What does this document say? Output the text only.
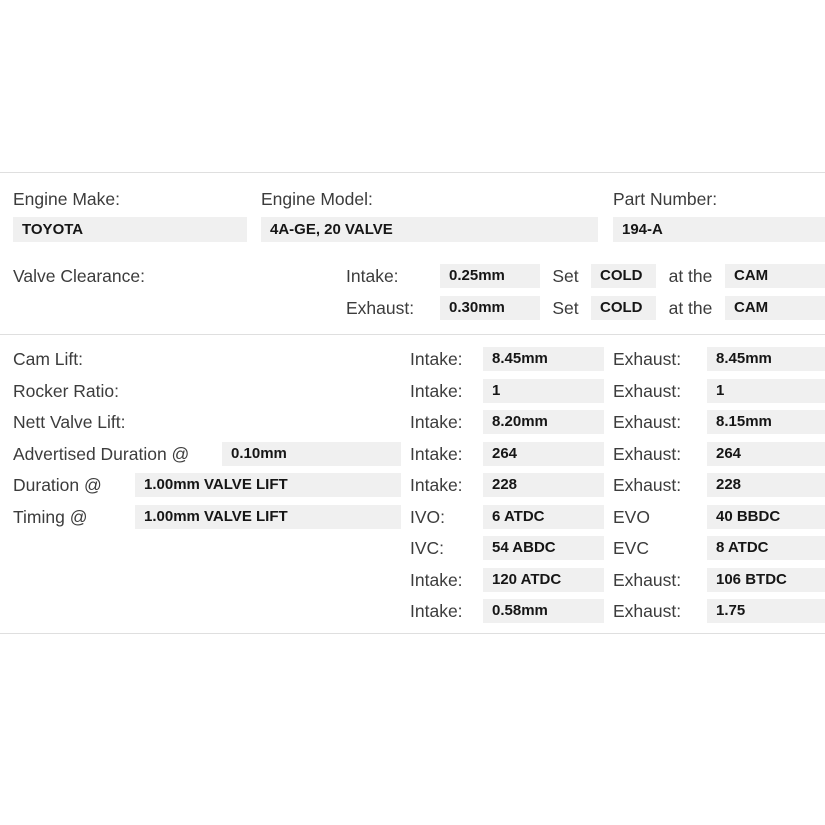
Engine Make:	Engine Model:	Part Number:
TOYOTA	4A-GE, 20 VALVE	194-A
Valve Clearance:	Intake:	0.25mm	Set	COLD	at the	CAM
Exhaust:	0.30mm	Set	COLD	at the	CAM
Cam Lift:	Intake:	8.45mm	Exhaust:	8.45mm
Rocker Ratio:	Intake:	1	Exhaust:	1
Nett Valve Lift:	Intake:	8.20mm	Exhaust:	8.15mm
Advertised Duration @	0.10mm	Intake:	264	Exhaust:	264
Duration @	1.00mm VALVE LIFT	Intake:	228	Exhaust:	228
Timing @	1.00mm VALVE LIFT	IVO:	6 ATDC	EVO	40 BBDC
IVC:	54 ABDC	EVC	8 ATDC
Intake:	120 ATDC	Exhaust:	106 BTDC
Intake:	0.58mm	Exhaust:	1.75
